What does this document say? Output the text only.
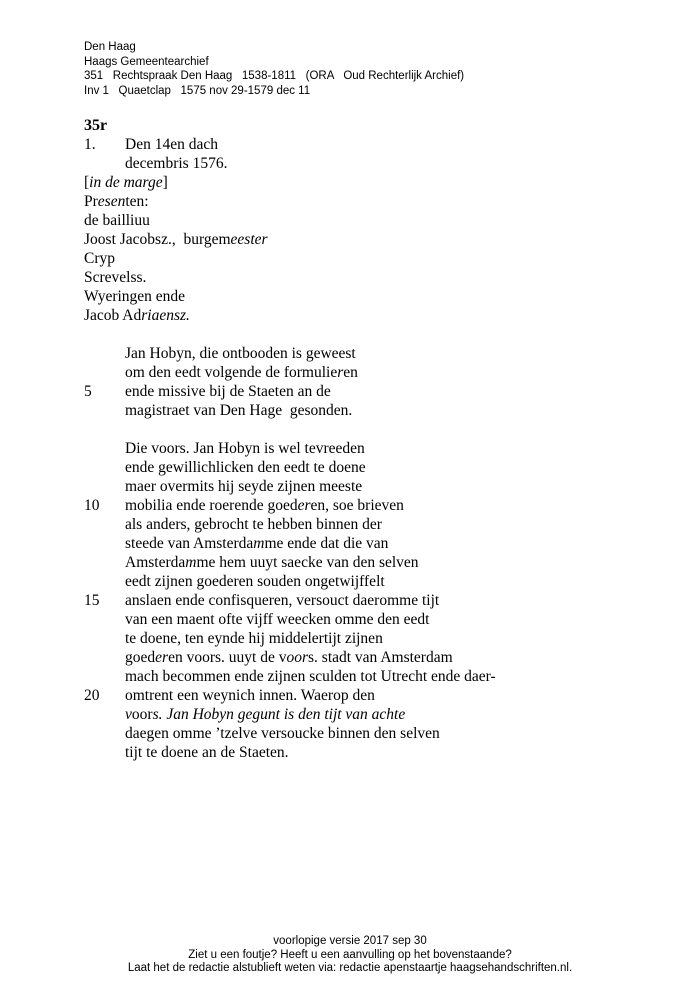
Den Haag
Haags Gemeentearchief
351   Rechtspraak Den Haag   1538-1811   (ORA   Oud Rechterlijk Archief)
Inv 1   Quaetclap   1575 nov 29-1579 dec 11
35r
1.	Den 14en dach
decembris 1576.
[in de marge]
Presenten:
de bailliuu
Joost Jacobsz.,  burgemeester
Cryp
Screvelss.
Wyeringen ende
Jacob Adriaensz.
Jan Hobyn, die ontbooden is geweest
om den eedt volgende de formulieren
5	ende missive bij de Staeten an de
magistraet van Den Hage  gesonden.
Die voors. Jan Hobyn is wel tevreeden
ende gewillichlicken den eedt te doene
maer overmits hij seyde zijnen meeste
10	mobilia ende roerende goederen, soe brieven
als anders, gebrocht te hebben binnen der
steede van Amsterdamme ende dat die van
Amsterdamme hem uuyt saecke van den selven
eedt zijnen goederen souden ongetwijffelt
15	anslaen ende confisqueren, versouct daeromme tijt
van een maent ofte vijff weecken omme den eedt
te doene, ten eynde hij middelertijt zijnen
goederen voors. uuyt de voors. stadt van Amsterdam
mach becommen ende zijnen sculden tot Utrecht ende daer-
20	omtrent een weynich innen. Waerop den
voors. Jan Hobyn gegunt is den tijt van achte
daegen omme ’tzelve versoucke binnen den selven
tijt te doene an de Staeten.
voorlopige versie 2017 sep 30
Ziet u een foutje? Heeft u een aanvulling op het bovenstaande?
Laat het de redactie alstublieft weten via: redactie apenstaartje haagsehandschriften.nl.
